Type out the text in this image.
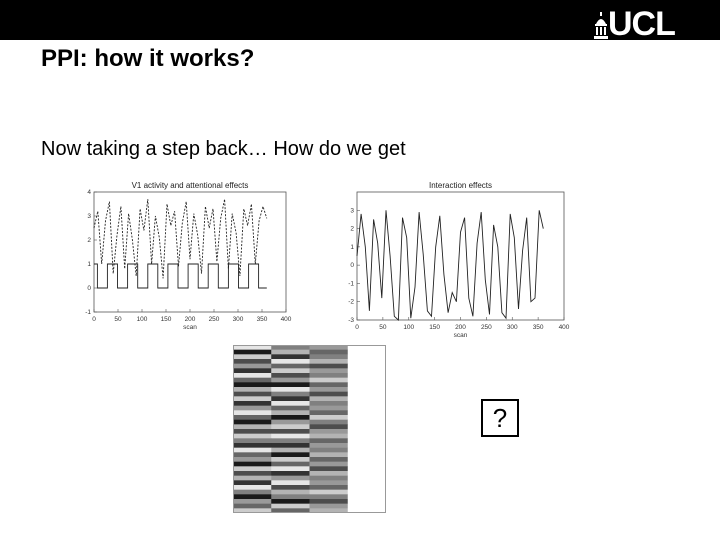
UCL
PPI: how it works?
Now taking a step back… How do we get
V1 activity and attentional effects
0	50 100 150 200 250 300 350 400
4
3
2
1
0
-1
scan
Interaction effects
0	50	100 150 200 250 300 350 400
3
2
1
0
-1
-2
-3
scan
?
